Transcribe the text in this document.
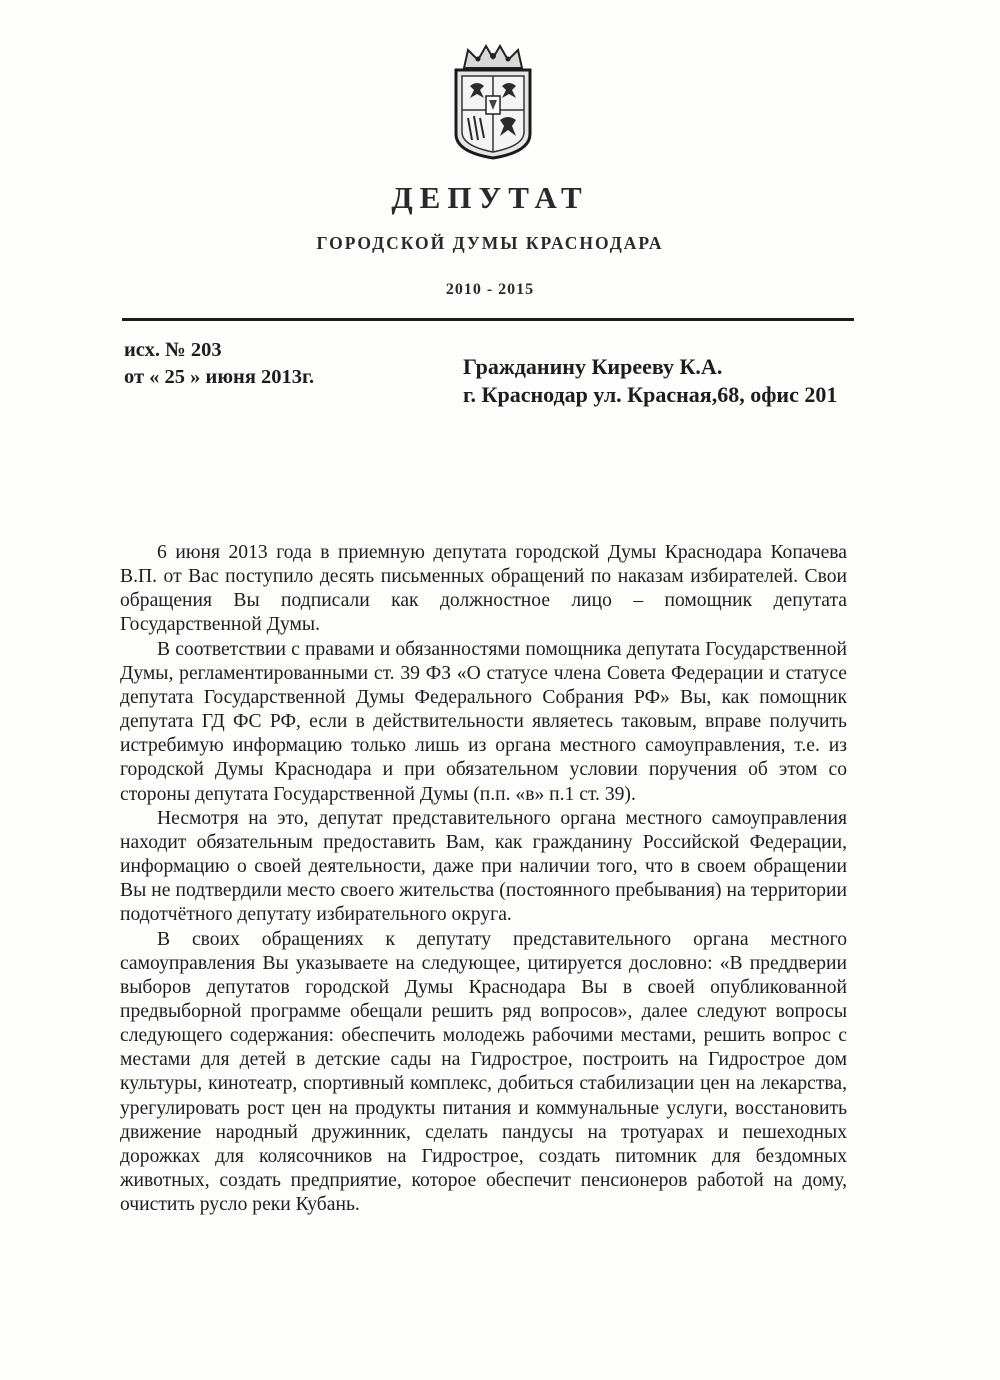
ДЕПУТАТ
ГОРОДСКОЙ ДУМЫ КРАСНОДАРА
2010 - 2015
исх. № 203
от « 25 » июня 2013г.	Гражданину Кирееву К.А.
г. Краснодар ул. Красная,68, офис 201

6 июня 2013 года в приемную депутата городской Думы Краснодара Копачева В.П. от Вас поступило десять письменных обращений по наказам избирателей. Свои обращения Вы подписали как должностное лицо – помощник депутата Государственной Думы.

В соответствии с правами и обязанностями помощника депутата Государственной Думы, регламентированными ст. 39 ФЗ «О статусе члена Совета Федерации и статусе депутата Государственной Думы Федерального Собрания РФ» Вы, как помощник депутата ГД ФС РФ, если в действительности являетесь таковым, вправе получить истребимую информацию только лишь из органа местного самоуправления, т.е. из городской Думы Краснодара и при обязательном условии поручения об этом со стороны депутата Государственной Думы (п.п. «в» п.1 ст. 39).

Несмотря на это, депутат представительного органа местного самоуправления находит обязательным предоставить Вам, как гражданину Российской Федерации, информацию о своей деятельности, даже при наличии того, что в своем обращении Вы не подтвердили место своего жительства (постоянного пребывания) на территории подотчётного депутату избирательного округа.

В своих обращениях к депутату представительного органа местного самоуправления Вы указываете на следующее, цитируется дословно: «В преддверии выборов депутатов городской Думы Краснодара Вы в своей опубликованной предвыборной программе обещали решить ряд вопросов», далее следуют вопросы следующего содержания: обеспечить молодежь рабочими местами, решить вопрос с местами для детей в детские сады на Гидрострое, построить на Гидрострое дом культуры, кинотеатр, спортивный комплекс, добиться стабилизации цен на лекарства, урегулировать рост цен на продукты питания и коммунальные услуги, восстановить движение народный дружинник, сделать пандусы на тротуарах и пешеходных дорожках для колясочников на Гидрострое, создать питомник для бездомных животных, создать предприятие, которое обеспечит пенсионеров работой на дому, очистить русло реки Кубань.
